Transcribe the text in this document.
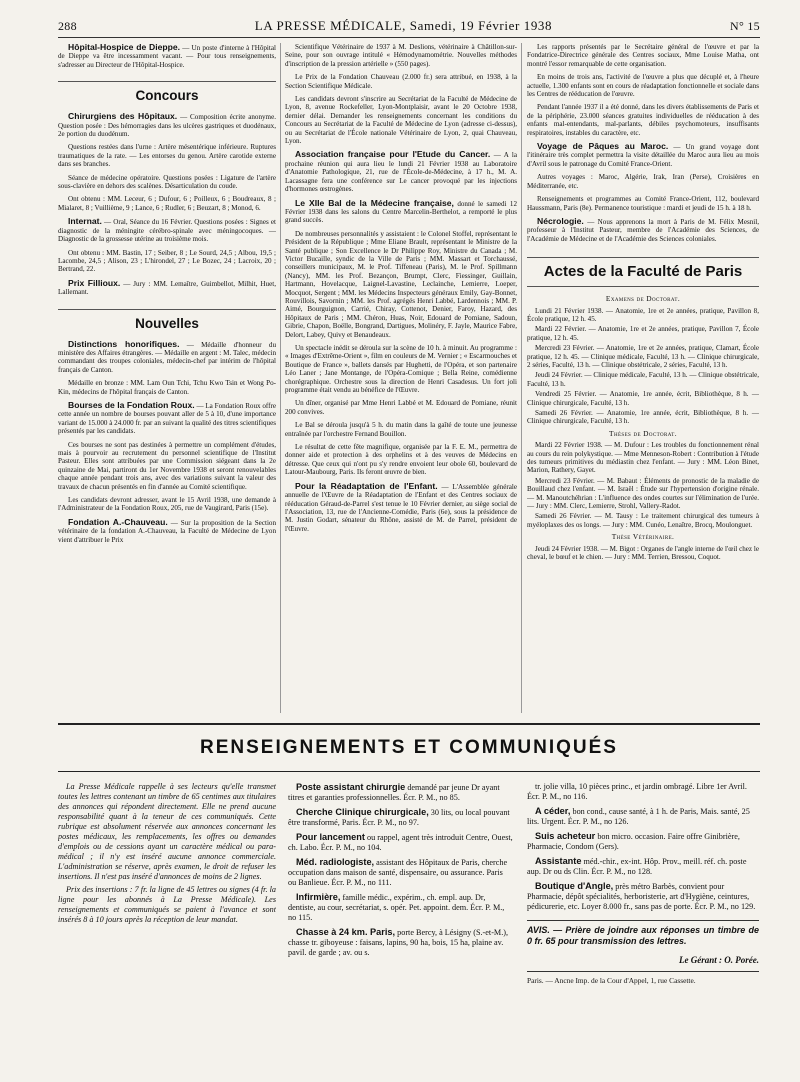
288	LA PRESSE MÉDICALE, Samedi, 19 Février 1938	N° 15
Hôpital-Hospice de Dieppe. — Un poste d'interne à l'Hôpital de Dieppe va être incessamment vacant. — Pour tous renseignements, s'adresser au Directeur de l'Hôpital-Hospice.
Concours
Chirurgiens des Hôpitaux. — Composition écrite anonyme. Question posée : Des hémorragies dans les ulcères gastriques et duodénaux, 2e portion du duodénum.
Questions restées dans l'urne : Artère mésentérique inférieure. Ruptures traumatiques de la rate. — Les entorses du genou. Artère carotide externe dans ses branches.
Séance de médecine opératoire. Questions posées : Ligature de l'artère sous-clavière en dehors des scalènes. Désarticulation du coude.
Ont obtenu : MM. Leceur, 6 ; Dufour, 6 ; Poilleux, 6 ; Boudreaux, 8 ; Mialaret, 8 ; Vuillième, 9 ; Lance, 6 ; Rudler, 6 ; Beuzart, 8 ; Monod, 6.
Internat. — Oral, Séance du 16 Février. Questions posées : Signes et diagnostic de la méningite cérébro-spinale avec méningocoques. — Diagnostic de la grossesse utérine au troisième mois.
Ont obtenu : MM. Bastin, 17 ; Seiber, 8 ; Le Sourd, 24,5 ; Albou, 19,5 ; Lacombe, 24,5 ; Alison, 23 ; L'hirondel, 27 ; Le Bozec, 24 ; Lacroix, 20 ; Bertrand, 22.
Prix Fillioux. — Jury : MM. Lemaître, Guimbellot, Milhit, Huet, Lallemant.
Nouvelles
Distinctions honorifiques. — Médaille d'honneur du ministère des Affaires étrangères. — Médaille en argent : M. Talec, médecin commandant des troupes coloniales, médecin-chef par intérim de l'hôpital français de Canton.
Médaille en bronze : MM. Lam Oun Tchi, Tchu Kwo Tsin et Wong Po-Kin, médecins de l'hôpital français de Canton.
Bourses de la Fondation Roux. — La Fondation Roux offre cette année un nombre de bourses pouvant aller de 5 à 10, d'une importance variant de 15.000 à 24.000 fr. par an suivant la qualité des titres scientifiques présentés par les candidats.
Ces bourses ne sont pas destinées à permettre un complément d'études, mais à pourvoir au recrutement du personnel scientifique de l'Institut Pasteur. Elles sont attribuées par une Commission siégeant dans la 2e quinzaine de Mai, partiront du 1er Novembre 1938 et seront renouvelables chaque année pendant trois ans, avec des variations suivant la valeur des travaux de chacun présentés en fin d'année au Comité scientifique.
Les candidats devront adresser, avant le 15 Avril 1938, une demande à l'Administrateur de la Fondation Roux, 205, rue de Vaugirard, Paris (15e).
Fondation A.-Chauveau. — Sur la proposition de la Section vétérinaire de la fondation A.-Chauveau, la Faculté de Médecine de Lyon vient d'attribuer le Prix
Scientifique Vétérinaire de 1937 à M. Deslions, vétérinaire à Châtillon-sur-Seine, pour son ouvrage intitulé « Hémodynamométrie. Nouvelles méthodes d'inscription de la pression artérielle » (550 pages).
Le Prix de la Fondation Chauveau (2.000 fr.) sera attribué, en 1938, à la Section Scientifique Médicale.
Les candidats devront s'inscrire au Secrétariat de la Faculté de Médecine de Lyon, 8, avenue Rockefeller, Lyon-Montplaisir, avant le 20 Octobre 1938, dernier délai. Demander les renseignements concernant les conditions du Concours au Secrétariat de la Faculté de Médecine de Lyon (adresse ci-dessus), ou au Secrétariat de l'École nationale Vétérinaire de Lyon, 2, quai Chauveau, Lyon.
Association française pour l'Etude du Cancer. — A la prochaine réunion qui aura lieu le lundi 21 Février 1938 au Laboratoire d'Anatomie Pathologique, 21, rue de l'École-de-Médecine, à 17 h., M. A. Lacassagne fera une conférence sur Le cancer provoqué par les injections d'hormones œstrogènes.
Le XIIe Bal de la Médecine française, donné le samedi 12 Février 1938 dans les salons du Centre Marcelin-Berthelot, a remporté le plus grand succès.
De nombreuses personnalités y assistaient : le Colonel Stoffel, représentant le Président de la République ; Mme Eliane Brault, représentant le Ministre de la Santé publique ; Son Excellence le Dr Philippe Roy, Ministre du Canada ; M. Victor Bucaille, syndic de la Ville de Paris ; MM. Massart et Torchaussé, conseillers municipaux, M. le Prof. Tiffeneau (Paris), M. le Prof. Spillmann (Nancy), MM. les Prof. Bezançon, Brumpt, Clerc, Fiessinger, Guillain, Hartmann, Hovelacque, Laignel-Lavastine, Leclainche, Lemierre, Loeper, Mocquot, Sergent ; MM. les Médecins Inspecteurs généraux Emily, Gay-Bonnet, Rouvillois, Savornin ; MM. les Prof. agrégés Henri Labbé, Lardennois ; MM. P. Aimé, Bourguignon, Carrié, Chiray, Cottenot, Denier, Faroy, Hazard, des Hôpitaux de Paris ; MM. Chéron, Huas, Noir, Edouard de Pomiane, Sadoun, Gibrie, Chapon, Boëlle, Bongrand, Dartigues, Molinéry, F. Jayle, Maurice Fabre, Delort, Labey, Quivy et Benaudeaux.
Un spectacle inédit se déroula sur la scène de 10 h. à minuit. Au programme : « Images d'Extrême-Orient », film en couleurs de M. Vernier ; « Escarmouches et Boutique de France », ballets dansés par Hughetti, de l'Opéra, et son partenaire Léo Laner ; Jane Montange, de l'Opéra-Comique ; Bella Reine, comédienne chorégraphique. Orchestre sous la direction de Henri Casadesus. Un fort joli programme était vendu au bénéfice de l'Œuvre.
Un dîner, organisé par Mme Henri Labbé et M. Edouard de Pomiane, réunit 200 convives.
Le Bal se déroula jusqu'à 5 h. du matin dans la gaîté de toute une jeunesse entraînée par l'orchestre Fernand Bouillon.
Le résultat de cette fête magnifique, organisée par la F. E. M., permettra de donner aide et protection à des orphelins et à des veuves de Médecins en détresse. Que ceux qui n'ont pu s'y rendre envoient leur obole 60, boulevard de Latour-Maubourg, Paris. Ils feront œuvre de bien.
Pour la Réadaptation de l'Enfant. — L'Assemblée générale annuelle de l'Œuvre de la Réadaptation de l'Enfant et des Centres sociaux de rééducation Géraud-de-Parrel s'est tenue le 10 Février dernier, au siège social de l'Association, 13, rue de l'Ancienne-Comédie, Paris (6e), sous la présidence de M. Justin Godart, sénateur du Rhône, assisté de M. de Parrel, président de l'Œuvre.
Les rapports présentés par le Secrétaire général de l'œuvre et par la Fondatrice-Directrice générale des Centres sociaux, Mme Louise Matha, ont montré l'essor remarquable de cette organisation.
En moins de trois ans, l'activité de l'œuvre a plus que décuplé et, à l'heure actuelle, 1.300 enfants sont en cours de réadaptation fonctionnelle et sociale dans les Centres de rééducation de l'œuvre.
Pendant l'année 1937 il a été donné, dans les divers établissements de Paris et de la périphérie, 23.000 séances gratuites individuelles de rééducation à des enfants mal-entendants, mal-parlants, débiles psychomoteurs, insuffisants respiratoires, instables du caractère, etc.
Voyage de Pâques au Maroc. — Un grand voyage dont l'itinéraire très complet permettra la visite détaillée du Maroc aura lieu au mois d'Avril sous le patronage du Comité France-Orient.
Autres voyages : Maroc, Algérie, Irak, Iran (Perse), Croisières en Méditerranée, etc.
Renseignements et programmes au Comité France-Orient, 112, boulevard Haussmann, Paris (8e). Permanence touristique : mardi et jeudi de 15 h. à 18 h.
Nécrologie. — Nous apprenons la mort à Paris de M. Félix Mesnil, professeur à l'Institut Pasteur, membre de l'Académie des Sciences, de l'Académie de Médecine et de l'Académie des Sciences coloniales.
Actes de la Faculté de Paris
Examens de Doctorat.
Lundi 21 Février 1938. — Anatomie, 1re et 2e années, pratique, Pavillon 8, École pratique, 12 h. 45.
Mardi 22 Février. — Anatomie, 1re et 2e années, pratique, Pavillon 7, École pratique, 12 h. 45.
Mercredi 23 Février. — Anatomie, 1re et 2e années, pratique, Clamart, École pratique, 12 h. 45. — Clinique médicale, Faculté, 13 h. — Clinique chirurgicale, 2 séries, Faculté, 13 h. — Clinique obstétricale, 2 séries, Faculté, 13 h.
Jeudi 24 Février. — Clinique médicale, Faculté, 13 h. — Clinique obstétricale, Faculté, 13 h.
Vendredi 25 Février. — Anatomie, 1re année, écrit, Bibliothèque, 8 h. — Clinique chirurgicale, Faculté, 13 h.
Samedi 26 Février. — Anatomie, 1re année, écrit, Bibliothèque, 8 h. — Clinique chirurgicale, Faculté, 13 h.
Thèses de Doctorat.
Mardi 22 Février 1938. — M. Dufour : Les troubles du fonctionnement rénal au cours du rein polykystique. — Mme Menneson-Robert : Contribution à l'étude des tumeurs primitives du médiastin chez l'enfant. — Jury : MM. Léon Binet, Marion, Rathery, Gayet.
Mercredi 23 Février. — M. Babaut : Éléments de pronostic de la maladie de Bouillaud chez l'enfant. — M. Israël : Étude sur l'hypertension d'origine rénale. — M. Manoutchéhrian : L'influence des ondes courtes sur l'élimination de l'urée. — Jury : MM. Clerc, Lemierre, Strohl, Vallery-Radot.
Samedi 26 Février. — M. Tausy : Le traitement chirurgical des tumeurs à myéloplaxes des os longs. — Jury : MM. Cunéo, Lenaître, Brocq, Moulonguet.
Thèse Vétérinaire.
Jeudi 24 Février 1938. — M. Bigot : Organes de l'angle interne de l'œil chez le cheval, le bœuf et le chien. — Jury : MM. Terrien, Bressou, Coquot.
RENSEIGNEMENTS ET COMMUNIQUÉS

La Presse Médicale rappelle à ses lecteurs qu'elle transmet toutes les lettres contenant un timbre de 65 centimes aux titulaires des annonces qui répondent directement. Elle ne prend aucune responsabilité quant à la teneur de ces communiqués. Cette rubrique est absolument réservée aux annonces concernant les postes médicaux, les remplacements, les offres ou demandes d'emplois ou de cessions ayant un caractère médical ou para-médical ; il n'y est inséré aucune annonce commerciale. L'administration se réserve, après examen, le droit de refuser les insertions. Il n'est pas inséré d'annonces de moins de 2 lignes.

Prix des insertions : 7 fr. la ligne de 45 lettres ou signes (4 fr. la ligne pour les abonnés à La Presse Médicale). Les renseignements et communiqués se paient à l'avance et sont insérés 8 à 10 jours après la réception de leur mandat.

Poste assistant chirurgie demandé par jeune Dr ayant titres et garanties professionnelles. Écr. P. M., no 85.
Cherche Clinique chirurgicale, 30 lits, ou local pouvant être transformé, Paris. Écr. P. M., no 97.
Pour lancement ou rappel, agent très introduit Centre, Ouest, ch. Labo. Écr. P. M., no 104.
Méd. radiologiste, assistant des Hôpitaux de Paris, cherche occupation dans maison de santé, dispensaire, ou assurance. Paris ou Banlieue. Écr. P. M., no 111.
Infirmière, famille médic., expérim., ch. empl. aup. Dr, dentiste, au cour, secrétariat, s. opér. Pet. appoint. dem. Écr. P. M., no 115.
Chasse à 24 km. Paris, porte Bercy, à Lésigny (S.-et-M.), chasse tr. giboyeuse : faisans, lapins, 90 ha, bois, 15 ha, plaine av. pavil. de garde ; av. ou s.
tr. jolie villa, 10 pièces princ., et jardin ombragé. Libre 1er Avril. Écr. P. M., no 116.
A céder, bon cond., cause santé, à 1 h. de Paris, Mais. santé, 25 lits. Urgent. Écr. P. M., no 126.
Suis acheteur bon micro. occasion. Faire offre Ginibrière, Pharmacie, Condom (Gers).
Assistante méd.-chir., ex-int. Hôp. Prov., meill. réf. ch. poste aup. Dr ou ds Clin. Écr. P. M., no 128.
Boutique d'Angle, près métro Barbès, convient pour Pharmacie, dépôt spécialités, herboristerie, art d'Hygiène, ceintures, pédicurerie, etc. Loyer 8.000 fr., sans pas de porte. Écr. P. M., no 129.
AVIS. — Prière de joindre aux réponses un timbre de 0 fr. 65 pour transmission des lettres.
Le Gérant : O. Porée.
Paris. — Ancne Imp. de la Cour d'Appel, 1, rue Cassette.
